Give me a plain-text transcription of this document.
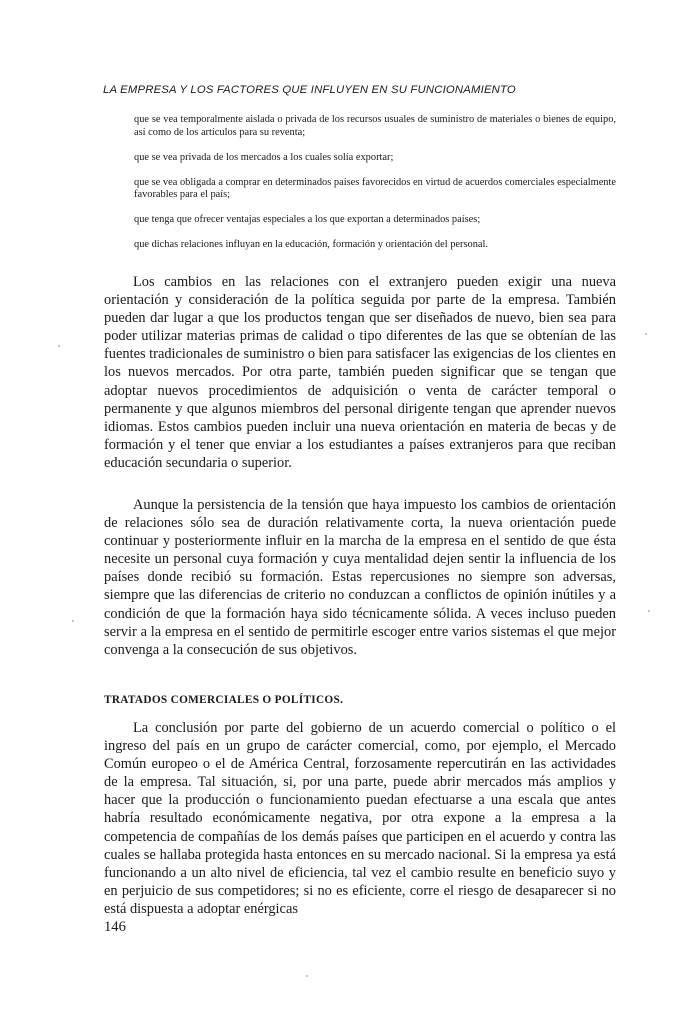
LA EMPRESA Y LOS FACTORES QUE INFLUYEN EN SU FUNCIONAMIENTO

que se vea temporalmente aislada o privada de los recursos usuales de suministro de materiales o bienes de equipo, así como de los artículos para su reventa;

que se vea privada de los mercados a los cuales solía exportar;

que se vea obligada a comprar en determinados países favorecidos en virtud de acuerdos comerciales especialmente favorables para el país;

que tenga que ofrecer ventajas especiales a los que exportan a determinados países;

que dichas relaciones influyan en la educación, formación y orientación del personal.

Los cambios en las relaciones con el extranjero pueden exigir una nueva orientación y consideración de la política seguida por parte de la empresa. También pueden dar lugar a que los productos tengan que ser diseñados de nuevo, bien sea para poder utilizar materias primas de calidad o tipo diferentes de las que se obtenían de las fuentes tradicionales de suministro o bien para satisfacer las exigencias de los clientes en los nuevos mercados. Por otra parte, también pueden significar que se tengan que adoptar nuevos procedimientos de adquisición o venta de carácter temporal o permanente y que algunos miembros del personal dirigente tengan que aprender nuevos idiomas. Estos cambios pueden incluir una nueva orientación en materia de becas y de formación y el tener que enviar a los estudiantes a países extranjeros para que reciban educación secundaria o superior.

Aunque la persistencia de la tensión que haya impuesto los cambios de orientación de relaciones sólo sea de duración relativamente corta, la nueva orientación puede continuar y posteriormente influir en la marcha de la empresa en el sentido de que ésta necesite un personal cuya formación y cuya mentalidad dejen sentir la influencia de los países donde recibió su formación. Estas repercusiones no siempre son adversas, siempre que las diferencias de criterio no conduzcan a conflictos de opinión inútiles y a condición de que la formación haya sido técnicamente sólida. A veces incluso pueden servir a la empresa en el sentido de permitirle escoger entre varios sistemas el que mejor convenga a la consecución de sus objetivos.

TRATADOS COMERCIALES O POLÍTICOS.

La conclusión por parte del gobierno de un acuerdo comercial o político o el ingreso del país en un grupo de carácter comercial, como, por ejemplo, el Mercado Común europeo o el de América Central, forzosamente repercutirán en las actividades de la empresa. Tal situación, si, por una parte, puede abrir mercados más amplios y hacer que la producción o funcionamiento puedan efectuarse a una escala que antes habría resultado económicamente negativa, por otra expone a la empresa a la competencia de compañías de los demás países que participen en el acuerdo y contra las cuales se hallaba protegida hasta entonces en su mercado nacional. Si la empresa ya está funcionando a un alto nivel de eficiencia, tal vez el cambio resulte en beneficio suyo y en perjuicio de sus competidores; si no es eficiente, corre el riesgo de desaparecer si no está dispuesta a adoptar enérgicas

146
